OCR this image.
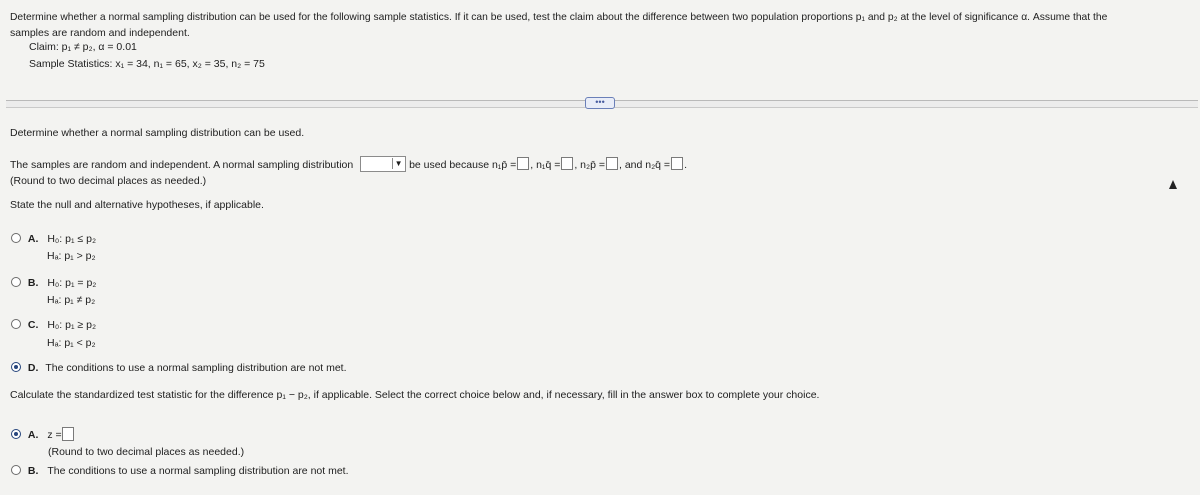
Determine whether a normal sampling distribution can be used for the following sample statistics. If it can be used, test the claim about the difference between two population proportions p₁ and p₂ at the level of significance α. Assume that the
samples are random and independent.
Claim: p₁ ≠ p₂, α = 0.01
Sample Statistics: x₁ = 34, n₁ = 65, x₂ = 35, n₂ = 75
•••
Determine whether a normal sampling distribution can be used.
The samples are random and independent. A normal sampling distribution	▼ be used because n₁p̄ = , n₁q̄ = , n₂p̄ = , and n₂q̄ = .
(Round to two decimal places as needed.)
State the null and alternative hypotheses, if applicable.
A. H₀: p₁ ≤ p₂
Hₐ: p₁ > p₂
B. H₀: p₁ = p₂
Hₐ: p₁ ≠ p₂
C. H₀: p₁ ≥ p₂
Hₐ: p₁ < p₂
D. The conditions to use a normal sampling distribution are not met.
Calculate the standardized test statistic for the difference p₁ − p₂, if applicable. Select the correct choice below and, if necessary, fill in the answer box to complete your choice.
A. z =
(Round to two decimal places as needed.)
B. The conditions to use a normal sampling distribution are not met.
